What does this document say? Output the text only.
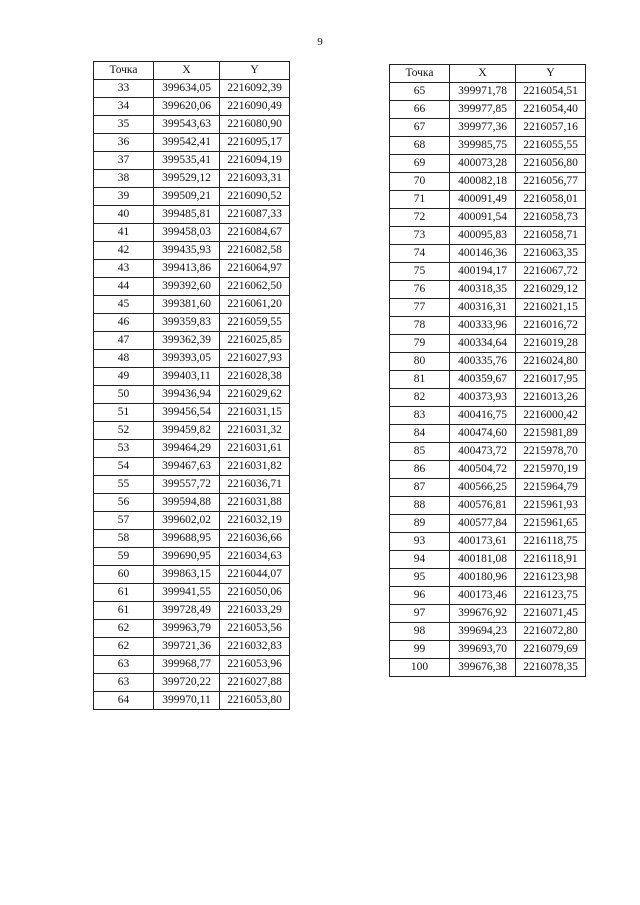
9
Точка	X	Y
33	399634,05	2216092,39
34	399620,06	2216090,49
35	399543,63	2216080,90
36	399542,41	2216095,17
37	399535,41	2216094,19
38	399529,12	2216093,31
39	399509,21	2216090,52
40	399485,81	2216087,33
41	399458,03	2216084,67
42	399435,93	2216082,58
43	399413,86	2216064,97
44	399392,60	2216062,50
45	399381,60	2216061,20
46	399359,83	2216059,55
47	399362,39	2216025,85
48	399393,05	2216027,93
49	399403,11	2216028,38
50	399436,94	2216029,62
51	399456,54	2216031,15
52	399459,82	2216031,32
53	399464,29	2216031,61
54	399467,63	2216031,82
55	399557,72	2216036,71
56	399594,88	2216031,88
57	399602,02	2216032,19
58	399688,95	2216036,66
59	399690,95	2216034,63
60	399863,15	2216044,07
61	399941,55	2216050,06
61	399728,49	2216033,29
62	399963,79	2216053,56
62	399721,36	2216032,83
63	399968,77	2216053,96
63	399720,22	2216027,88
64	399970,11	2216053,80
Точка	X	Y
65	399971,78	2216054,51
66	399977,85	2216054,40
67	399977,36	2216057,16
68	399985,75	2216055,55
69	400073,28	2216056,80
70	400082,18	2216056,77
71	400091,49	2216058,01
72	400091,54	2216058,73
73	400095,83	2216058,71
74	400146,36	2216063,35
75	400194,17	2216067,72
76	400318,35	2216029,12
77	400316,31	2216021,15
78	400333,96	2216016,72
79	400334,64	2216019,28
80	400335,76	2216024,80
81	400359,67	2216017,95
82	400373,93	2216013,26
83	400416,75	2216000,42
84	400474,60	2215981,89
85	400473,72	2215978,70
86	400504,72	2215970,19
87	400566,25	2215964,79
88	400576,81	2215961,93
89	400577,84	2215961,65
93	400173,61	2216118,75
94	400181,08	2216118,91
95	400180,96	2216123,98
96	400173,46	2216123,75
97	399676,92	2216071,45
98	399694,23	2216072,80
99	399693,70	2216079,69
100	399676,38	2216078,35
